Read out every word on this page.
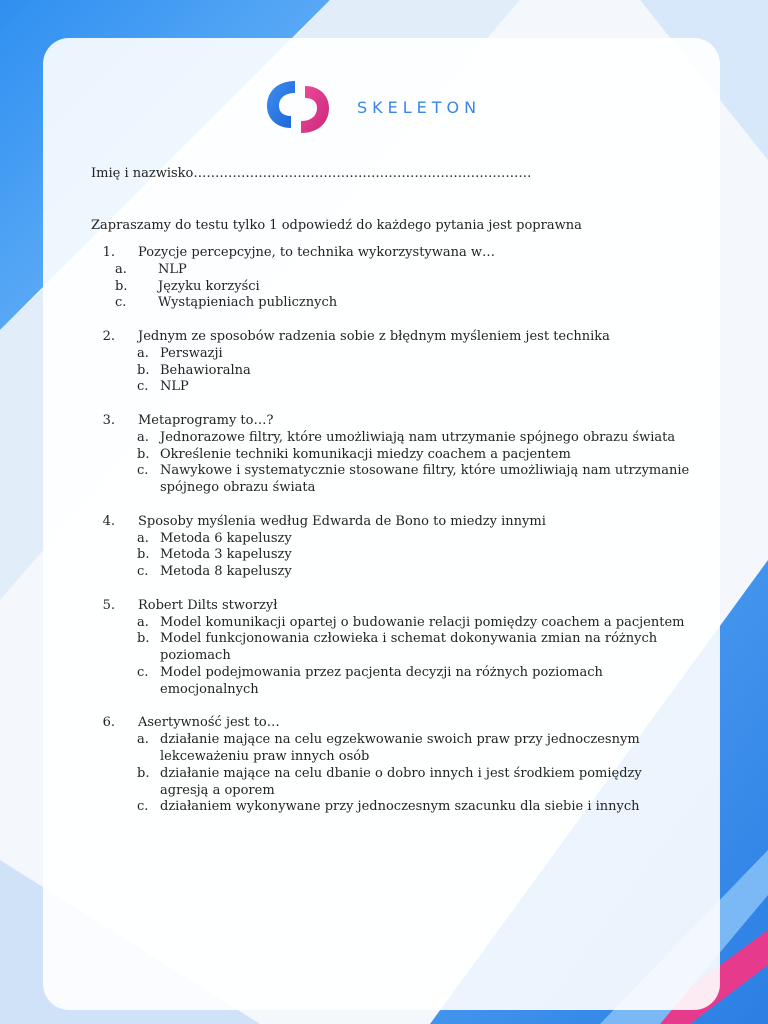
SKELETON
Imię i nazwisko……………………………………………………………………
Zapraszamy do testu tylko 1 odpowiedź do każdego pytania jest poprawna
1. Pozycje percepcyjne, to technika wykorzystywana w…
a.	NLP
b.	Języku korzyści
c.	Wystąpieniach publicznych
2. Jednym ze sposobów radzenia sobie z błędnym myśleniem jest technika
a. Perswazji
b. Behawioralna
c. NLP
3. Metaprogramy to…?
a. Jednorazowe filtry, które umożliwiają nam utrzymanie spójnego obrazu świata
b. Określenie techniki komunikacji miedzy coachem a pacjentem
c. Nawykowe i systematycznie stosowane filtry, które umożliwiają nam utrzymanie spójnego obrazu świata
4. Sposoby myślenia według Edwarda de Bono to miedzy innymi
a. Metoda 6 kapeluszy
b. Metoda 3 kapeluszy
c. Metoda 8 kapeluszy
5. Robert Dilts stworzył
a. Model komunikacji opartej o budowanie relacji pomiędzy coachem a pacjentem
b. Model funkcjonowania człowieka i schemat dokonywania zmian na różnych poziomach
c. Model podejmowania przez pacjenta decyzji na różnych poziomach emocjonalnych
6. Asertywność jest to…
a. działanie mające na celu egzekwowanie swoich praw przy jednoczesnym lekceważeniu praw innych osób
b. działanie mające na celu dbanie o dobro innych i jest środkiem pomiędzy agresją a oporem
c. działaniem wykonywane przy jednoczesnym szacunku dla siebie i innych
